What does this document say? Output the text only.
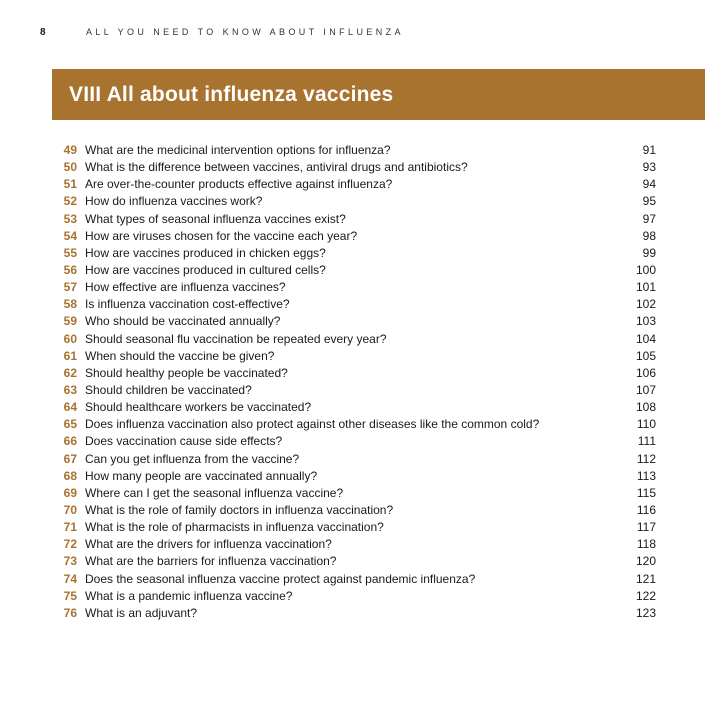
8	ALL YOU NEED TO KNOW ABOUT INFLUENZA
VIII All about influenza vaccines
49 What are the medicinal intervention options for influenza?	91
50 What is the difference between vaccines, antiviral drugs and antibiotics?	93
51 Are over-the-counter products effective against influenza?	94
52 How do influenza vaccines work?	95
53 What types of seasonal influenza vaccines exist?	97
54 How are viruses chosen for the vaccine each year?	98
55 How are vaccines produced in chicken eggs?	99
56 How are vaccines produced in cultured cells?	100
57 How effective are influenza vaccines?	101
58 Is influenza vaccination cost-effective?	102
59 Who should be vaccinated annually?	103
60 Should seasonal flu vaccination be repeated every year?	104
61 When should the vaccine be given?	105
62 Should healthy people be vaccinated?	106
63 Should children be vaccinated?	107
64 Should healthcare workers be vaccinated?	108
65 Does influenza vaccination also protect against other diseases like the common cold?	110
66 Does vaccination cause side effects?	111
67 Can you get influenza from the vaccine?	112
68 How many people are vaccinated annually?	113
69 Where can I get the seasonal influenza vaccine?	115
70 What is the role of family doctors in influenza vaccination?	116
71 What is the role of pharmacists in influenza vaccination?	117
72 What are the drivers for influenza vaccination?	118
73 What are the barriers for influenza vaccination?	120
74 Does the seasonal influenza vaccine protect against pandemic influenza?	121
75 What is a pandemic influenza vaccine?	122
76 What is an adjuvant?	123
